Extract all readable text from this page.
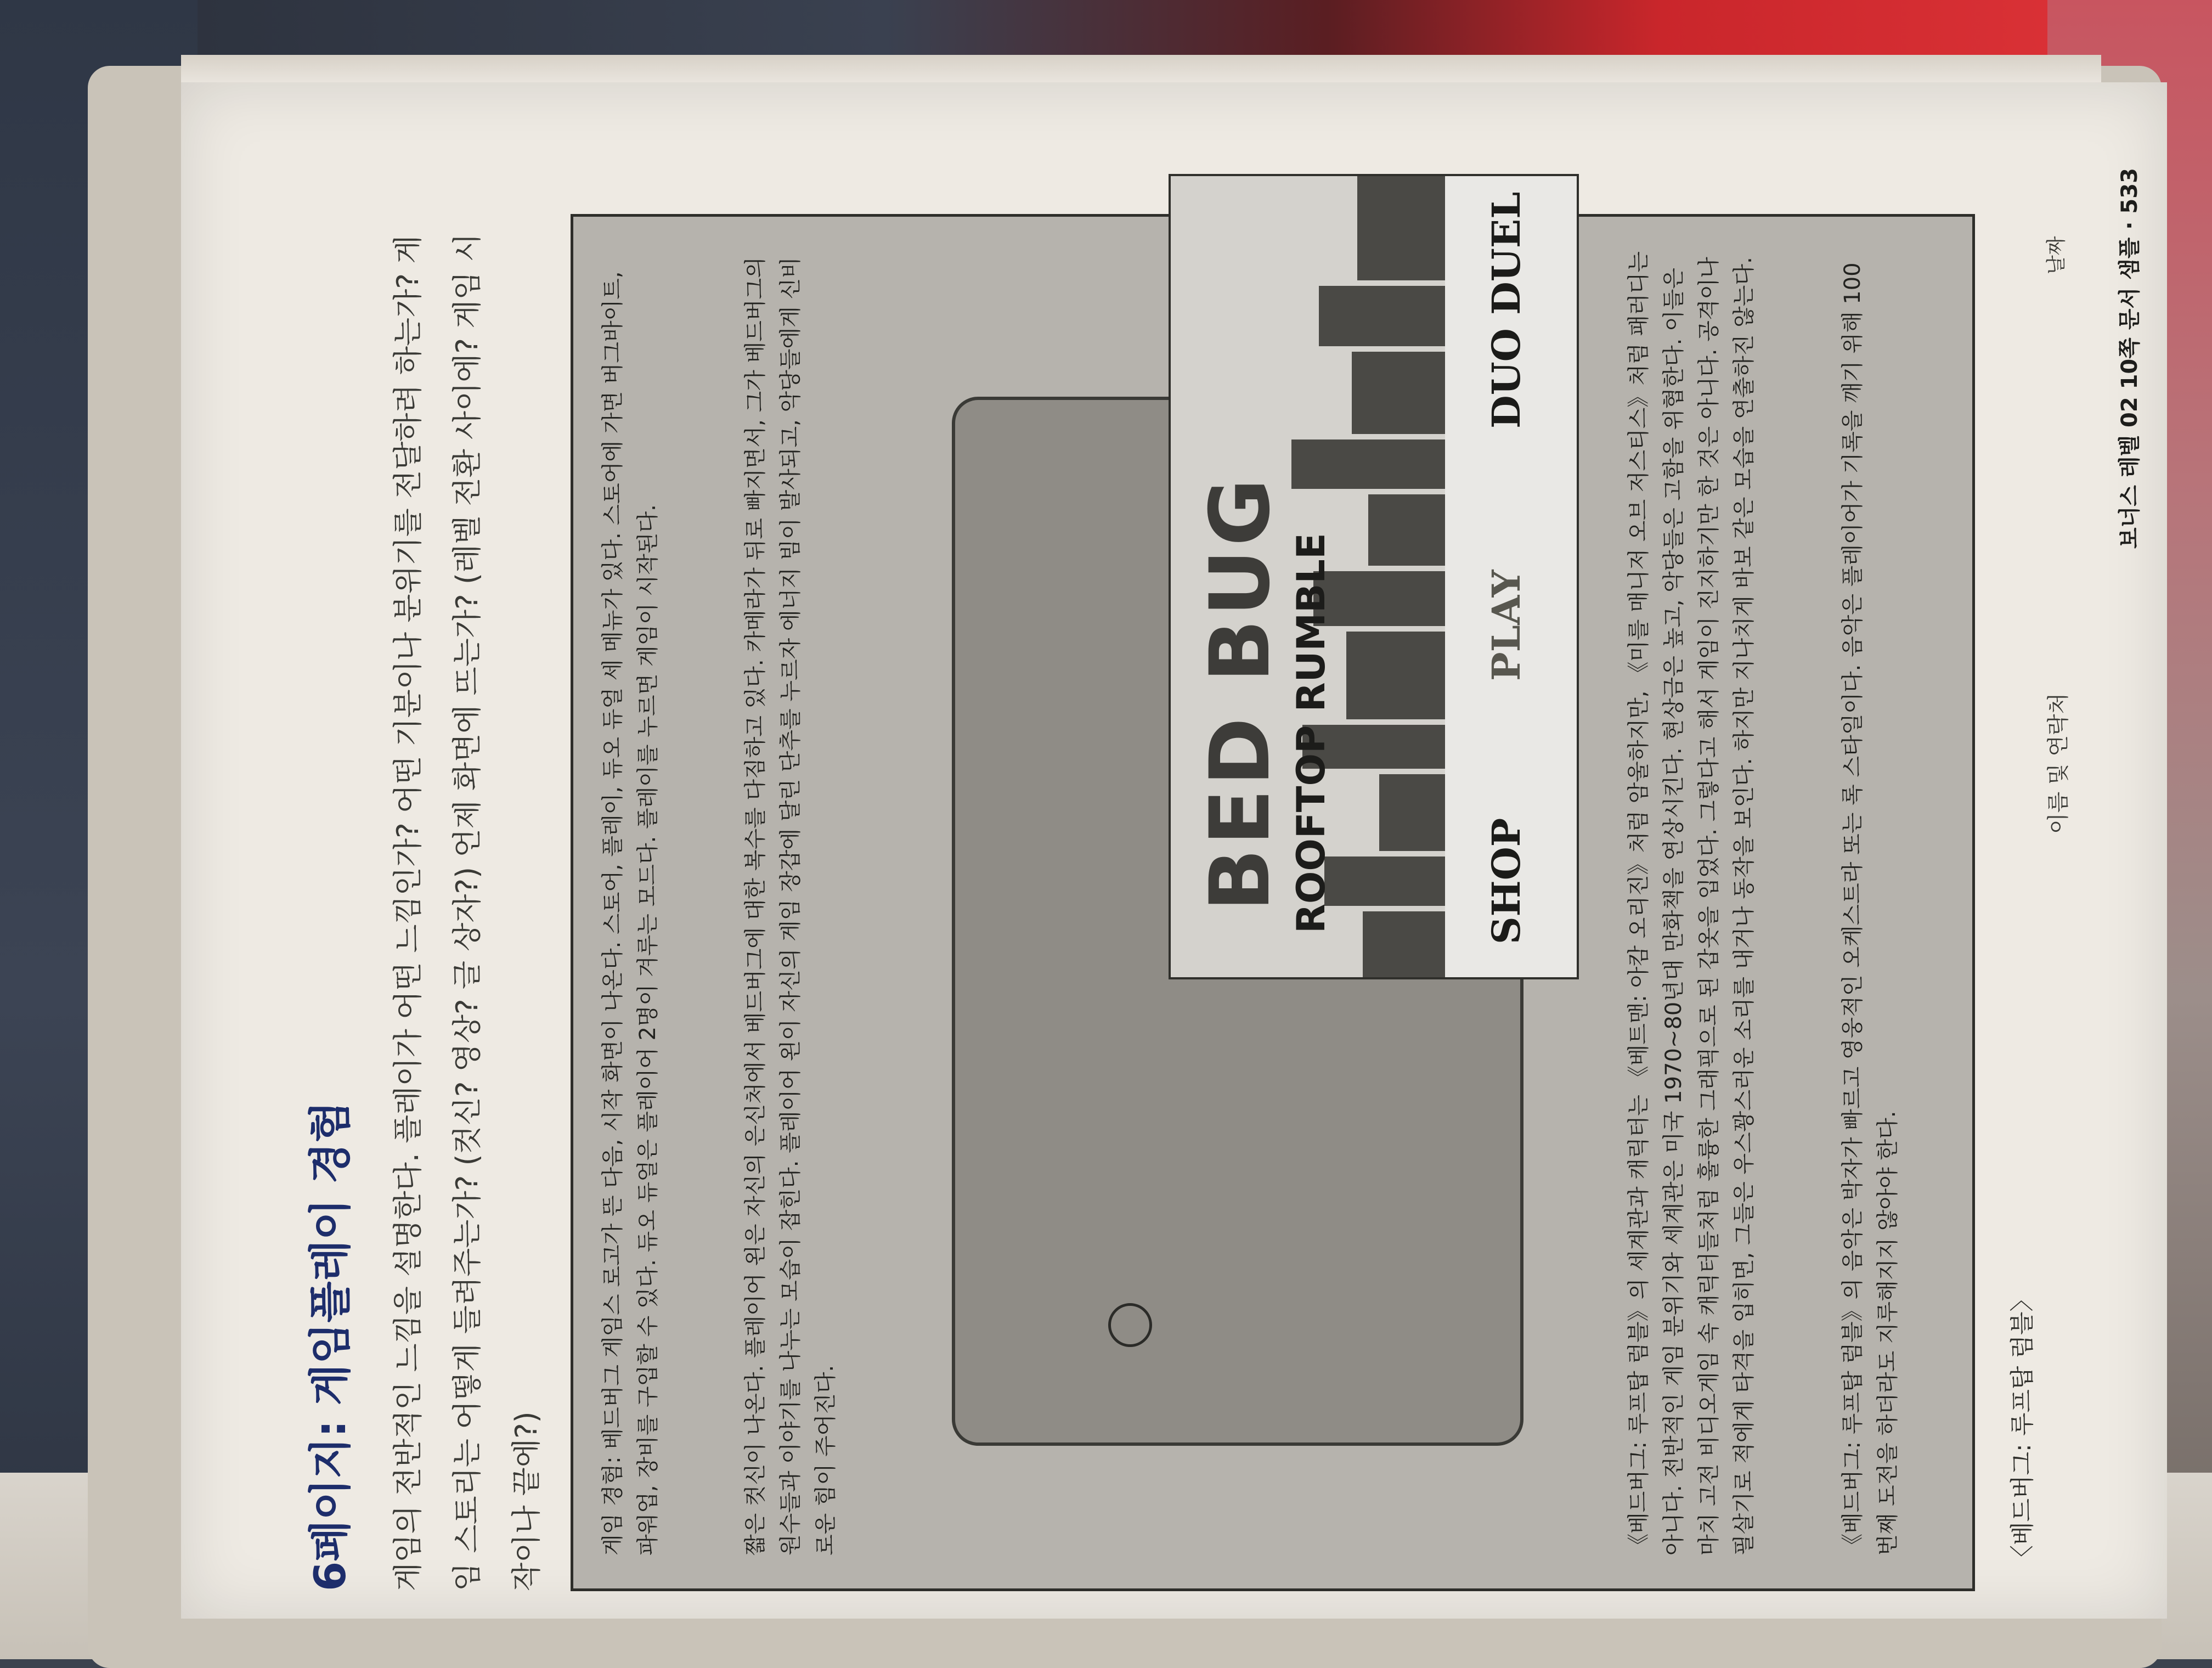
6페이지: 게임플레이 경험	게임의 전반적인 느낌을 설명한다. 플레이가 어떤 느낌인가? 어떤 기분이나 분위기를 전달하려 하는가? 게임 스토리는 어떻게 들려주는가? (컷신? 영상? 글 상자?) 언제 화면에 뜨는가? (레벨 전환 사이에? 게임 시작이나 끝에?)	게임 경험: 베드버그 게임스 로고가 뜬 다음, 시작 화면이 나온다. 스토어, 플레이, 듀오 듀얼 세 메뉴가 있다. 스토어에 가면 버그바이트, 파워업, 장비를 구입할 수 있다. 듀오 듀얼은 플레이어 2명이 겨루는 모드다. 플레이를 누르면 게임이 시작된다.	짧은 컷신이 나온다. 플레이어 왼은 자신의 은신처에서 베드버그에 대한 복수를 다짐하고 있다. 카메라가 뒤로 빠지면서, 그가 베드버그의 원수들과 이야기를 나누는 모습이 잡힌다. 플레이어 왼이 자신의 게임 장갑에 달린 단추를 누르자 에너지 빔이 발사되고, 악당들에게 신비로운 힘이 주어진다.
BED BUG ROOFTOP RUMBLE	SHOP
PLAY
DUO DUEL	《베드버그: 루프탑 럼블》의 세계관과 캐릭터는 《베트맨: 아캄 오리진》처럼 암울하지만, 《미를 매니저 오브 저스티스》처럼 패러디는 아니다. 전반적인 게임 분위기와 세계관은 미국 1970~80년대 만화책을 연상시킨다. 현상금은 높고, 악당들은 고함을 위협한다. 이들은 마치 고전 비디오게임 속 캐릭터들처럼 훌륭한 그래픽으로 된 갑옷을 입었다. 그렇다고 해서 게임이 진지하기만 한 것은 아니다. 공격이나 필살기로 적에게 타격을 입히면, 그들은 우스꽝스러운 소리를 내거나 동작을 보인다. 하지만 지나치게 바보 같은 모습을 연출하진 않는다.	《베드버그: 루프탑 럼블》의 음악은 박자가 빠르고 영웅적인 오케스트라 또는 록 스타일이다. 음악은 플레이어가 기록을 깨기 위해 100번째 도전을 하더라도 지루해지지 않아야 한다.	〈베드버그: 루프탑 럼블〉
이름 및 연락처
날짜 보너스 레벨 02 10쪽 문서 샘플 · 533
